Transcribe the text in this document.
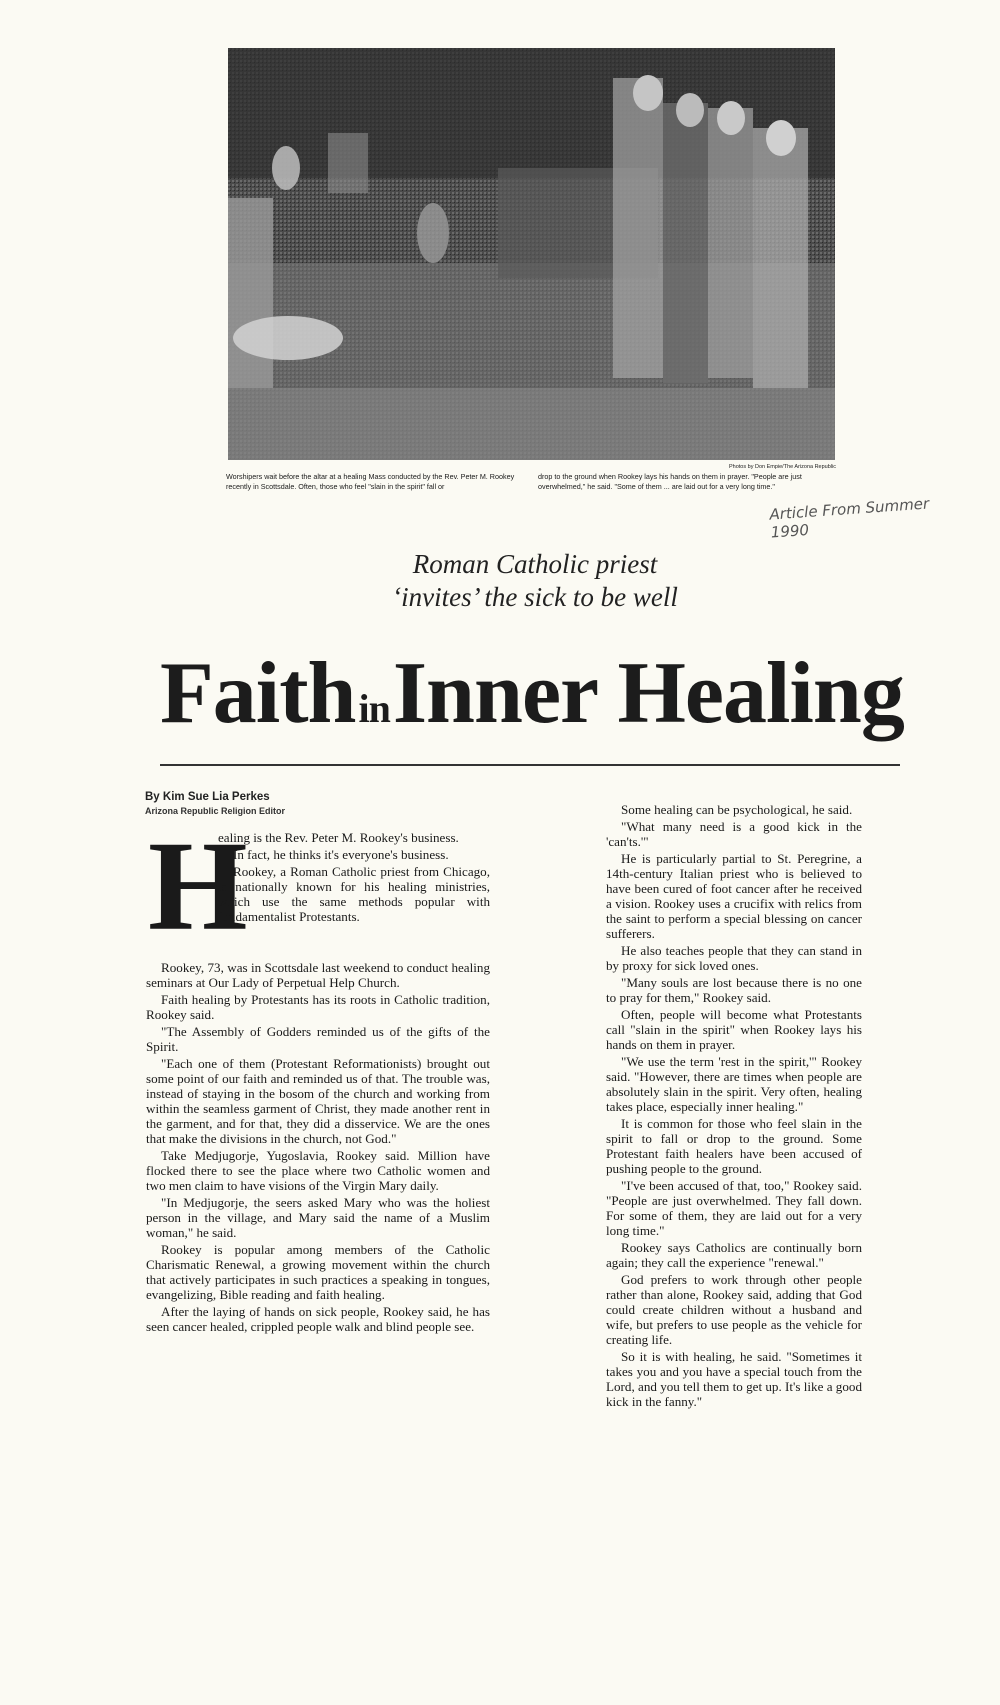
Photos by Don Empie/The Arizona Republic
Worshipers wait before the altar at a healing Mass conducted by the Rev. Peter M. Rookey recently in Scottsdale. Often, those who feel "slain in the spirit" fall or
drop to the ground when Rookey lays his hands on them in prayer. "People are just overwhelmed," he said. "Some of them ... are laid out for a very long time."
Article From Summer 1990
Roman Catholic priest
‘invites’ the sick to be well
Faith in Inner Healing
By Kim Sue Lia Perkes
Arizona Republic Religion Editor
H

ealing is the Rev. Peter M. Rookey's business.

In fact, he thinks it's everyone's business.

Rookey, a Roman Catholic priest from Chicago, is nationally known for his healing ministries, which use the same methods popular with fundamentalist Protestants.

Rookey, 73, was in Scottsdale last weekend to conduct healing seminars at Our Lady of Perpetual Help Church.

Faith healing by Protestants has its roots in Catholic tradition, Rookey said.

"The Assembly of Godders reminded us of the gifts of the Spirit.

"Each one of them (Protestant Reformationists) brought out some point of our faith and reminded us of that. The trouble was, instead of staying in the bosom of the church and working from within the seamless garment of Christ, they made another rent in the garment, and for that, they did a disservice. We are the ones that make the divisions in the church, not God."

Take Medjugorje, Yugoslavia, Rookey said. Million have flocked there to see the place where two Catholic women and two men claim to have visions of the Virgin Mary daily.

"In Medjugorje, the seers asked Mary who was the holiest person in the village, and Mary said the name of a Muslim woman," he said.

Rookey is popular among members of the Catholic Charismatic Renewal, a growing movement within the church that actively participates in such practices a speaking in tongues, evangelizing, Bible reading and faith healing.

After the laying of hands on sick people, Rookey said, he has seen cancer healed, crippled people walk and blind people see.

Some healing can be psychological, he said.

"What many need is a good kick in the 'can'ts.'"

He is particularly partial to St. Peregrine, a 14th-century Italian priest who is believed to have been cured of foot cancer after he received a vision. Rookey uses a crucifix with relics from the saint to perform a special blessing on cancer sufferers.

He also teaches people that they can stand in by proxy for sick loved ones.

"Many souls are lost because there is no one to pray for them," Rookey said.

Often, people will become what Protestants call "slain in the spirit" when Rookey lays his hands on them in prayer.

"We use the term 'rest in the spirit,'" Rookey said. "However, there are times when people are absolutely slain in the spirit. Very often, healing takes place, especially inner healing."

It is common for those who feel slain in the spirit to fall or drop to the ground. Some Protestant faith healers have been accused of pushing people to the ground.

"I've been accused of that, too," Rookey said. "People are just overwhelmed. They fall down. For some of them, they are laid out for a very long time."

Rookey says Catholics are continually born again; they call the experience "renewal."

God prefers to work through other people rather than alone, Rookey said, adding that God could create children without a husband and wife, but prefers to use people as the vehicle for creating life.

So it is with healing, he said. "Sometimes it takes you and you have a special touch from the Lord, and you tell them to get up. It's like a good kick in the fanny."
